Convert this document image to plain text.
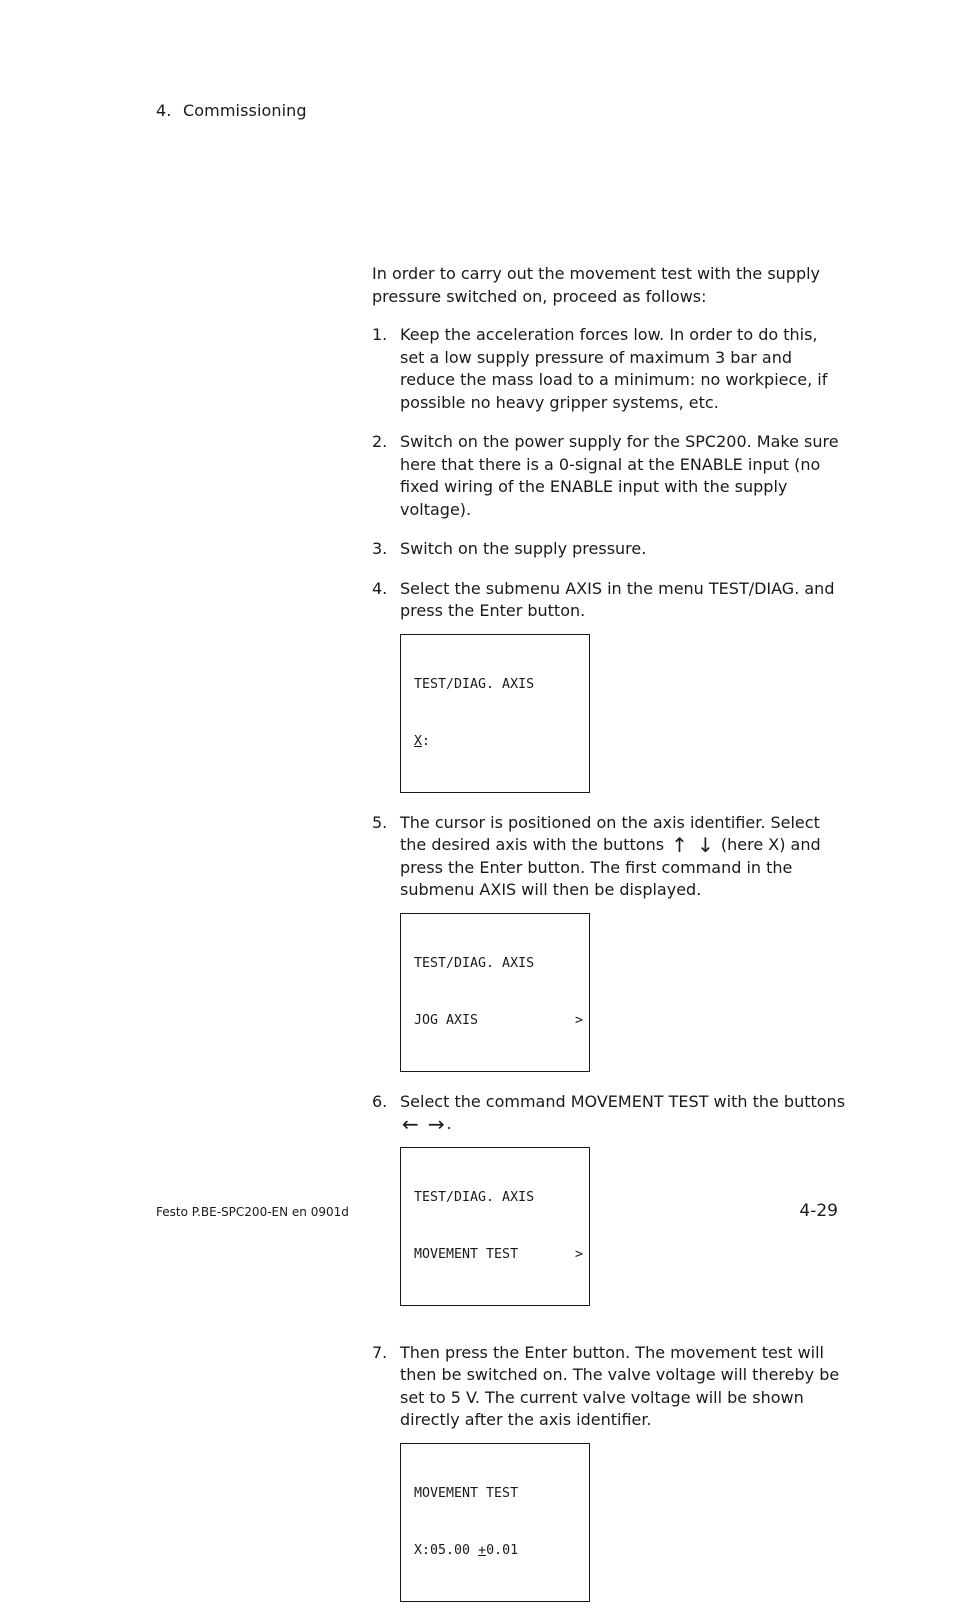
4. Commissioning

In order to carry out the movement test with the supply pressure switched on, proceed as follows:

1. Keep the acceleration forces low. In order to do this, set a low supply pressure of maximum 3 bar and reduce the mass load to a minimum: no workpiece, if possible no heavy gripper systems, etc.
2. Switch on the power supply for the SPC200. Make sure here that there is a 0-signal at the ENABLE input (no fixed wiring of the ENABLE input with the supply voltage).
3. Switch on the supply pressure.
4. Select the submenu AXIS in the menu TEST/DIAG. and press the Enter button.

TEST/DIAG. AXIS

X:

5. The cursor is positioned on the axis identifier. Select the desired axis with the buttons ↑ ↓ (here X) and press the Enter button. The first command in the submenu AXIS will then be displayed.

TEST/DIAG. AXIS

JOG AXIS	>

6. Select the command MOVEMENT TEST with the buttons
← → .

TEST/DIAG. AXIS

MOVEMENT TEST	>

7. Then press the Enter button. The movement test will then be switched on. The valve voltage will thereby be set to 5 V. The current valve voltage will be shown directly after the axis identifier.

MOVEMENT TEST

X:05.00 +0.01

Festo P.BE-SPC200-EN en 0901d	4-29
